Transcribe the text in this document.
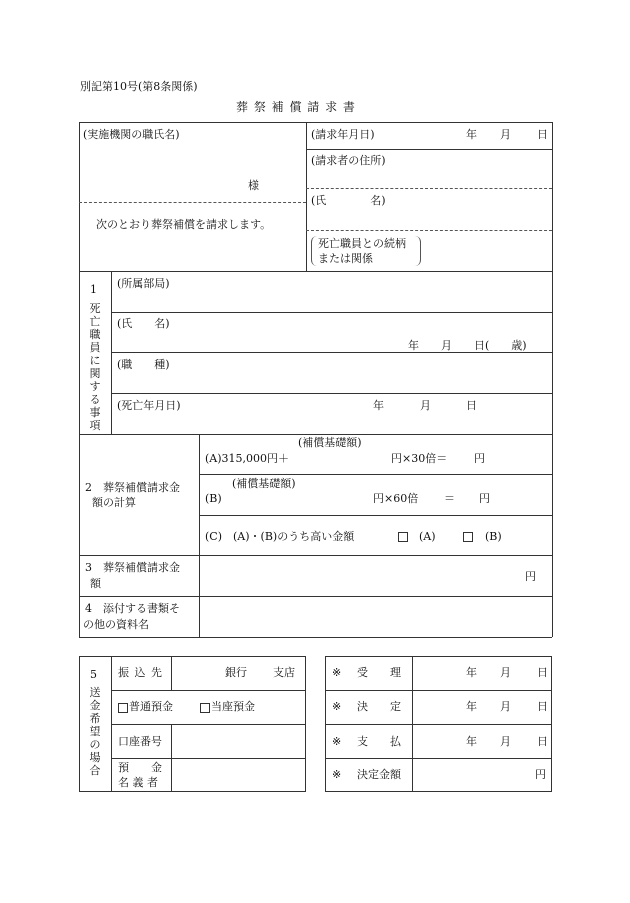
別記第10号(第8条関係)
葬 祭 補 償 請 求 書
(実施機関の職氏名)
様
次のとおり葬祭補償を請求します。
(請求年月日)	年 月 日
(請求者の住所)
(氏　　　　名)
死亡職員との続柄
または関係
1
死
亡
職
員
に
関
す
る
事
項
(所属部局)
(氏　　名)
年　　月　　日(　　歳)
(職　　種)
(死亡年月日)	年	月	日
2　葬祭補償請求金
額の計算
(補償基礎額)
(A)315,000円＋	円×30倍＝ 円
(補償基礎額)
(B)	円×60倍 ＝ 円
(C)　(A)・(B)のうち高い金額	(A)	(B)
3　葬祭補償請求金
額
円
4　添付する書類そ
の他の資料名
5
送
金
希
望
の
場
合
振 込 先	銀行 支店
普通預金	当座預金
口座番号
預　　金
名 義 者
※ 受　　理	年 月 日
※ 決　　定	年 月 日
※ 支　　払	年 月 日
※ 決定金額	円
